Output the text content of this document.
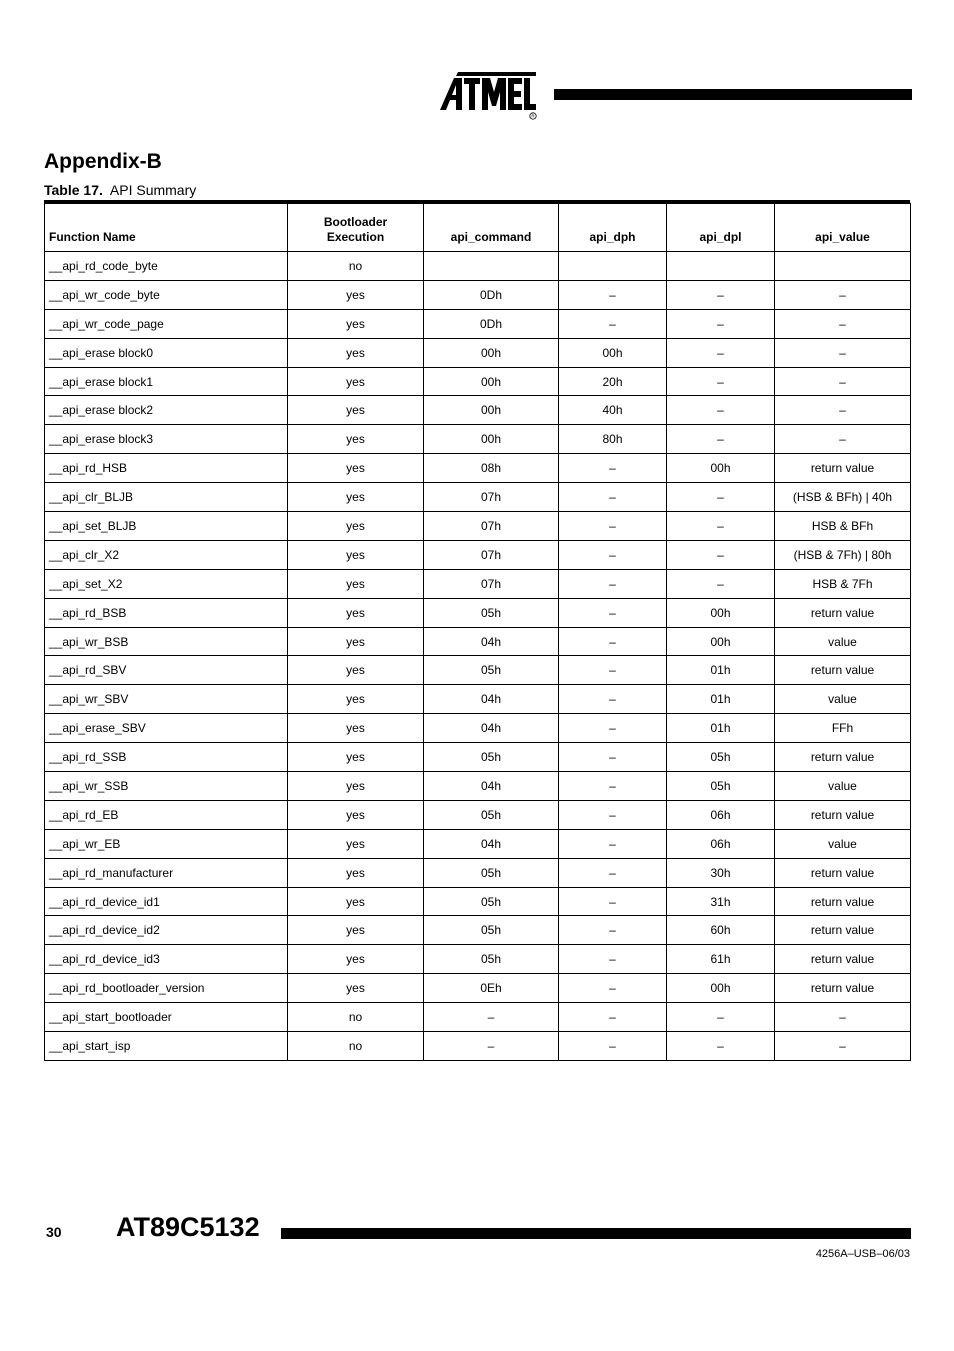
R
Appendix-B
Table 17. API Summary
Function Name	Bootloader Execution	api_command	api_dph	api_dpl	api_value
__api_rd_code_byte	no				
__api_wr_code_byte	yes	0Dh	–	–	–
__api_wr_code_page	yes	0Dh	–	–	–
__api_erase block0	yes	00h	00h	–	–
__api_erase block1	yes	00h	20h	–	–
__api_erase block2	yes	00h	40h	–	–
__api_erase block3	yes	00h	80h	–	–
__api_rd_HSB	yes	08h	–	00h	return value
__api_clr_BLJB	yes	07h	–	–	(HSB & BFh) | 40h
__api_set_BLJB	yes	07h	–	–	HSB & BFh
__api_clr_X2	yes	07h	–	–	(HSB & 7Fh) | 80h
__api_set_X2	yes	07h	–	–	HSB & 7Fh
__api_rd_BSB	yes	05h	–	00h	return value
__api_wr_BSB	yes	04h	–	00h	value
__api_rd_SBV	yes	05h	–	01h	return value
__api_wr_SBV	yes	04h	–	01h	value
__api_erase_SBV	yes	04h	–	01h	FFh
__api_rd_SSB	yes	05h	–	05h	return value
__api_wr_SSB	yes	04h	–	05h	value
__api_rd_EB	yes	05h	–	06h	return value
__api_wr_EB	yes	04h	–	06h	value
__api_rd_manufacturer	yes	05h	–	30h	return value
__api_rd_device_id1	yes	05h	–	31h	return value
__api_rd_device_id2	yes	05h	–	60h	return value
__api_rd_device_id3	yes	05h	–	61h	return value
__api_rd_bootloader_version	yes	0Eh	–	00h	return value
__api_start_bootloader	no	–	–	–	–
__api_start_isp	no	–	–	–	–
30 AT89C5132
4256A–USB–06/03
